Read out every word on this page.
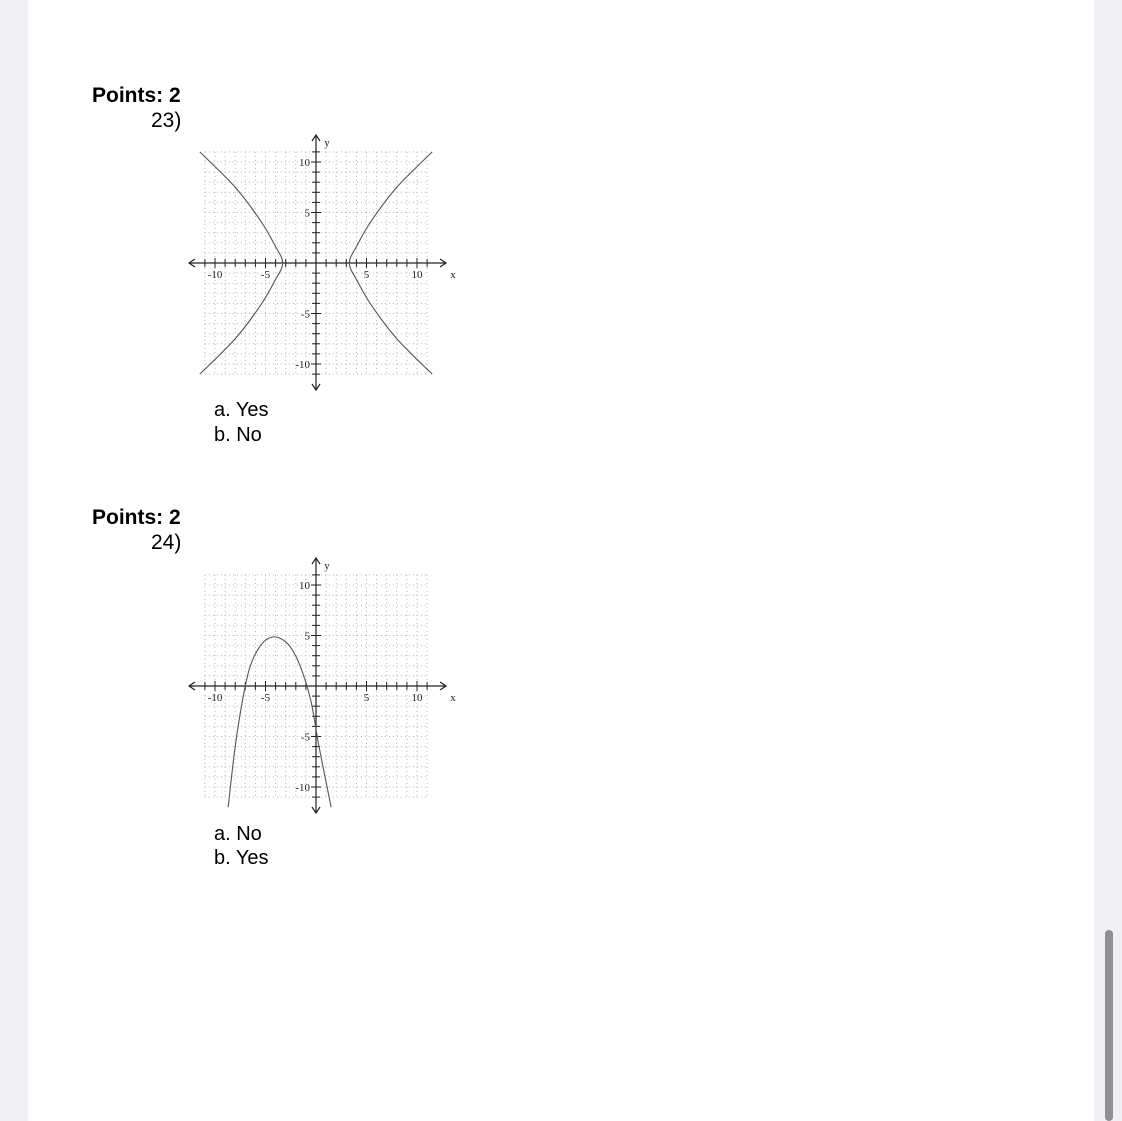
Points: 2
23)
-10	-5	5	10
10
5
-5
-10
x
y
a. Yes
b. No
Points: 2
24)
-10	-5	5	10
10
5
-5
-10
x
y
a. No
b. Yes
